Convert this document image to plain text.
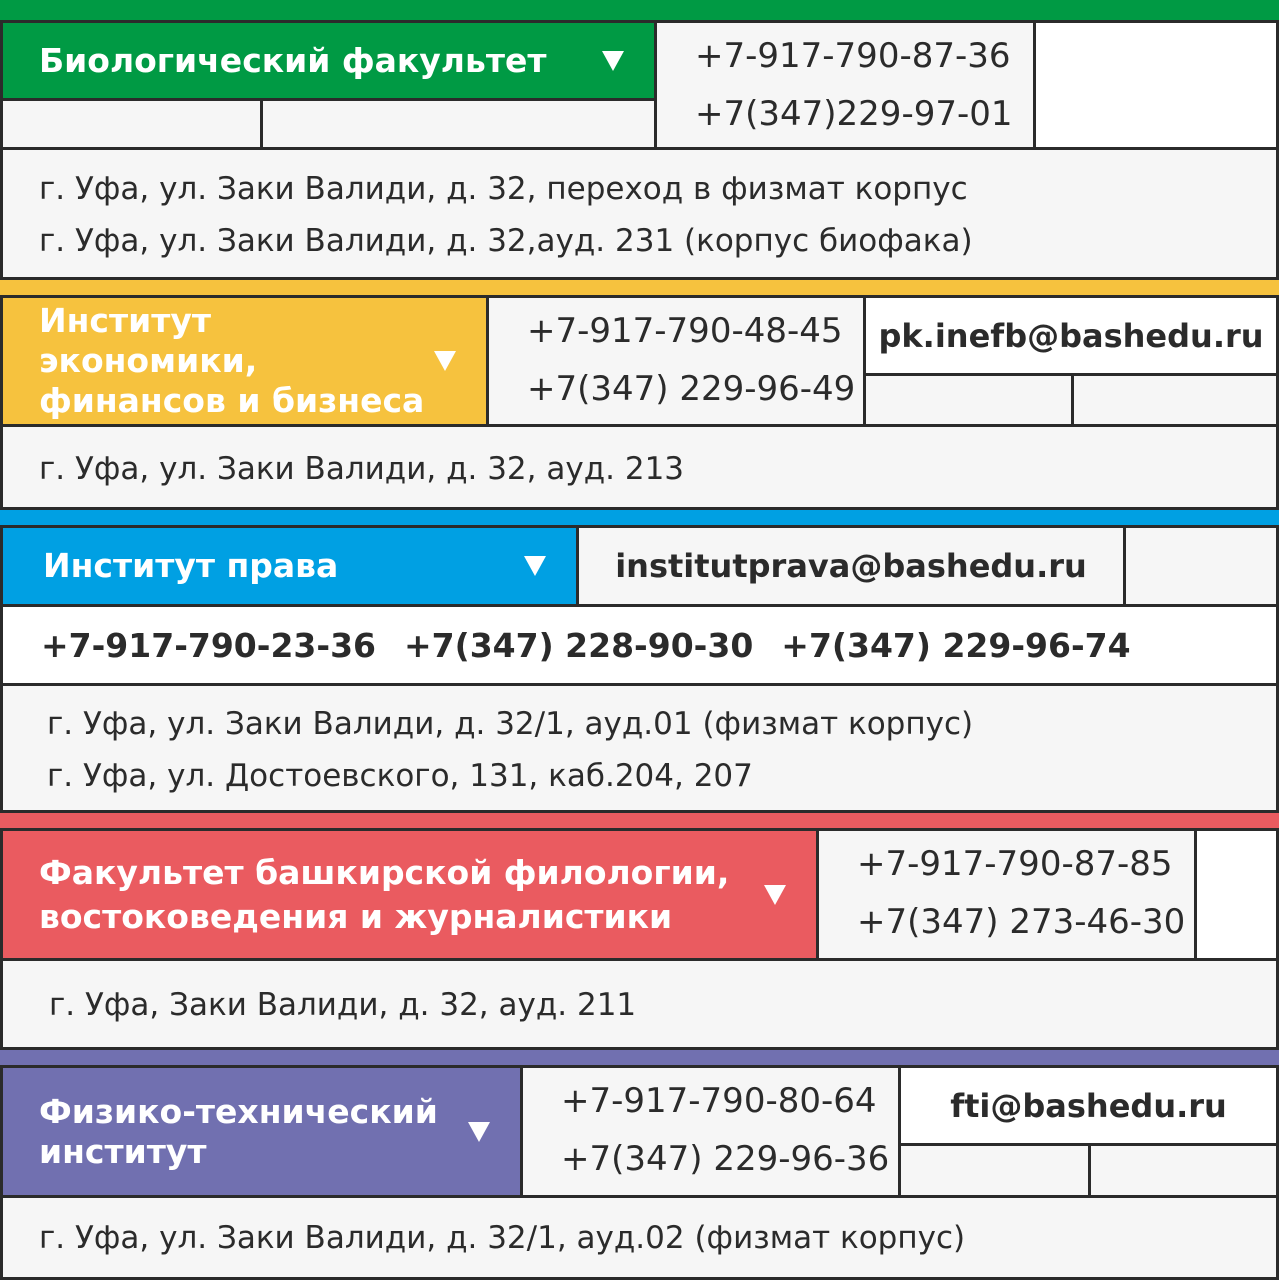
Биологический факультет	+7-917-790-87-36
+7(347)229-97-01
г. Уфа, ул. Заки Валиди, д. 32, переход в физмат корпус
г. Уфа, ул. Заки Валиди, д. 32,ауд. 231 (корпус биофака)
Институт экономики,
финансов и бизнеса
+7-917-790-48-45
+7(347) 229-96-49
pk.inefb@bashedu.ru
г. Уфа, ул. Заки Валиди, д. 32, ауд. 213
Институт права	institutprava@bashedu.ru
+7-917-790-23-36 +7(347) 228-90-30 +7(347) 229-96-74
г. Уфа, ул. Заки Валиди, д. 32/1, ауд.01 (физмат корпус)
г. Уфа, ул. Достоевского, 131, каб.204, 207
Факультет башкирской филологии,
востоковедения и журналистики
+7-917-790-87-85
+7(347) 273-46-30
г. Уфа, Заки Валиди, д. 32, ауд. 211
Физико-технический
институт
+7-917-790-80-64
+7(347) 229-96-36
fti@bashedu.ru
г. Уфа, ул. Заки Валиди, д. 32/1, ауд.02 (физмат корпус)
